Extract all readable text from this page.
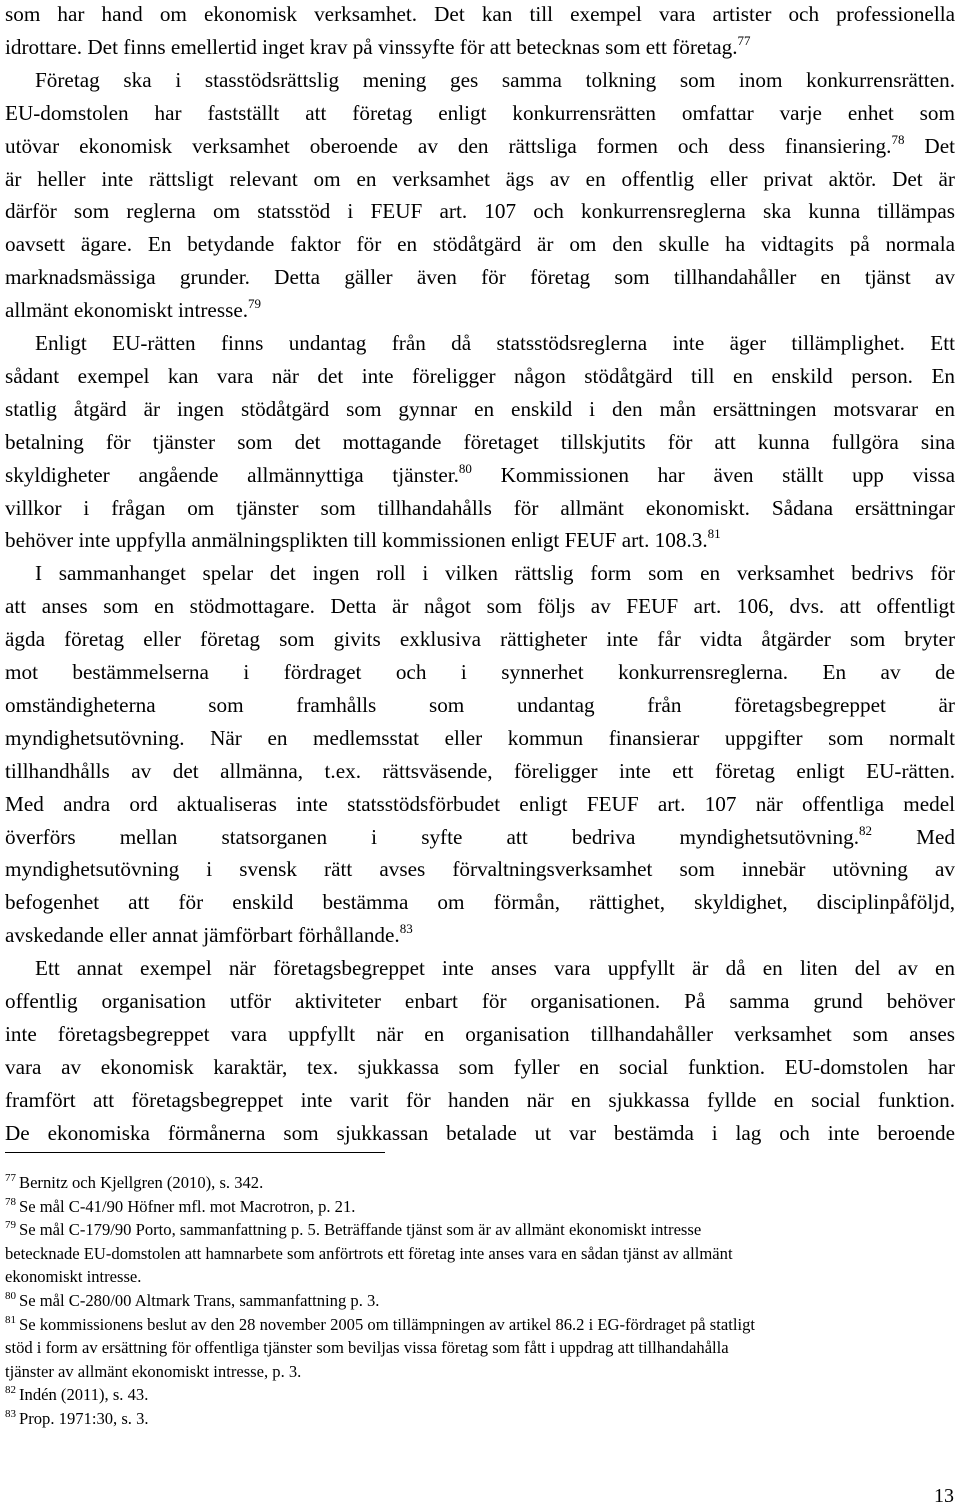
som har hand om ekonomisk verksamhet. Det kan till exempel vara artister och professionella
idrottare. Det finns emellertid inget krav på vinssyfte för att betecknas som ett företag.$^{77}$
Företag ska i stasstödsrättslig mening ges samma tolkning som inom konkurrensrätten.
EU-domstolen har fastställt att företag enligt konkurrensrätten omfattar varje enhet som
utövar ekonomisk verksamhet oberoende av den rättsliga formen och dess finansiering.$^{78}$ Det
är heller inte rättsligt relevant om en verksamhet ägs av en offentlig eller privat aktör. Det är
därför som reglerna om statsstöd i FEUF art. 107 och konkurrensreglerna ska kunna tillämpas
oavsett ägare. En betydande faktor för en stödåtgärd är om den skulle ha vidtagits på normala
marknadsmässiga grunder. Detta gäller även för företag som tillhandahåller en tjänst av
allmänt ekonomiskt intresse.$^{79}$
Enligt EU-rätten finns undantag från då statsstödsreglerna inte äger tillämplighet. Ett
sådant exempel kan vara när det inte föreligger någon stödåtgärd till en enskild person. En
statlig åtgärd är ingen stödåtgärd som gynnar en enskild i den mån ersättningen motsvarar en
betalning för tjänster som det mottagande företaget tillskjutits för att kunna fullgöra sina
skyldigheter angående allmännyttiga tjänster.$^{80}$ Kommissionen har även ställt upp vissa
villkor i frågan om tjänster som tillhandahålls för allmänt ekonomiskt. Sådana ersättningar
behöver inte uppfylla anmälningsplikten till kommissionen enligt FEUF art. 108.3.81
I sammanhanget spelar det ingen roll i vilken rättslig form som en verksamhet bedrivs för
att anses som en stödmottagare. Detta är något som följs av FEUF art. 106, dvs. att offentligt
ägda företag eller företag som givits exklusiva rättigheter inte får vidta åtgärder som bryter
mot bestämmelserna i fördraget och i synnerhet konkurrensreglerna. En av de
omständigheterna som framhålls som undantag från företagsbegreppet är
myndighetsutövning. När en medlemsstat eller kommun finansierar uppgifter som normalt
tillhandhålls av det allmänna, t.ex. rättsväsende, föreligger inte ett företag enligt EU-rätten.
Med andra ord aktualiseras inte statsstödsförbudet enligt FEUF art. 107 när offentliga medel
överförs mellan statsorganen i syfte att bedriva myndighetsutövning.$^{82}$ Med
myndighetsutövning i svensk rätt avses förvaltningsverksamhet som innebär utövning av
befogenhet att för enskild bestämma om förmån, rättighet, skyldighet, disciplinpåföljd,
avskedande eller annat jämförbart förhållande.$^{83}$
Ett annat exempel när företagsbegreppet inte anses vara uppfyllt är då en liten del av en
offentlig organisation utför aktiviteter enbart för organisationen. På samma grund behöver
inte företagsbegreppet vara uppfyllt när en organisation tillhandahåller verksamhet som anses
vara av ekonomisk karaktär, tex. sjukkassa som fyller en social funktion. EU-domstolen har
framfört att företagsbegreppet inte varit för handen när en sjukkassa fyllde en social funktion.
De ekonomiska förmånerna som sjukkassan betalade ut var bestämda i lag och inte beroende
$^{77}$ Bernitz och Kjellgren (2010), s. 342.
$^{78}$ Se mål C-41/90 Höfner mfl. mot Macrotron, p. 21.
$^{79}$ Se mål C-179/90 Porto, sammanfattning p. 5. Beträffande tjänst som är av allmänt ekonomiskt intresse
betecknade EU-domstolen att hamnarbete som anförtrots ett företag inte anses vara en sådan tjänst av allmänt
ekonomiskt intresse.
$^{80}$ Se mål C-280/00 Altmark Trans, sammanfattning p. 3.
$^{81}$ Se kommissionens beslut av den 28 november 2005 om tillämpningen av artikel 86.2 i EG-fördraget på statligt
stöd i form av ersättning för offentliga tjänster som beviljas vissa företag som fått i uppdrag att tillhandahålla
tjänster av allmänt ekonomiskt intresse, p. 3.
$^{82}$ Indén (2011), s. 43.
$^{83}$ Prop. 1971:30, s. 3.
13
